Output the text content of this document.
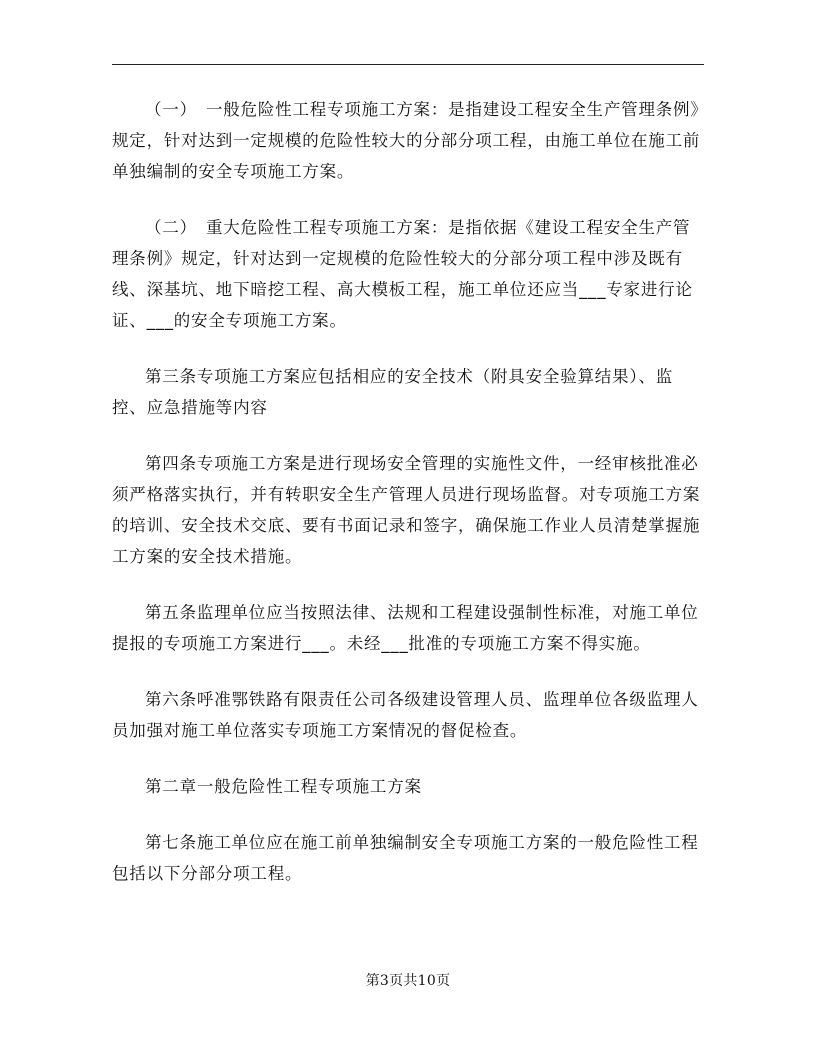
（一）　一般危险性工程专项施工方案：是指建设工程安全生产管理条例》规定，针对达到一定规模的危险性较大的分部分项工程，由施工单位在施工前单独编制的安全专项施工方案。

（二）　重大危险性工程专项施工方案：是指依据《建设工程安全生产管理条例》规定，针对达到一定规模的危险性较大的分部分项工程中涉及既有线、深基坑、地下暗挖工程、高大模板工程，施工单位还应当___专家进行论证、___的安全专项施工方案。

第三条专项施工方案应包括相应的安全技术（附具安全验算结果）、监控、应急措施等内容

第四条专项施工方案是进行现场安全管理的实施性文件，一经审核批准必须严格落实执行，并有转职安全生产管理人员进行现场监督。对专项施工方案的培训、安全技术交底、要有书面记录和签字，确保施工作业人员清楚掌握施工方案的安全技术措施。

第五条监理单位应当按照法律、法规和工程建设强制性标准，对施工单位提报的专项施工方案进行___。未经___批准的专项施工方案不得实施。

第六条呼准鄂铁路有限责任公司各级建设管理人员、监理单位各级监理人员加强对施工单位落实专项施工方案情况的督促检查。

第二章一般危险性工程专项施工方案

第七条施工单位应在施工前单独编制安全专项施工方案的一般危险性工程包括以下分部分项工程。

第3页共10页
